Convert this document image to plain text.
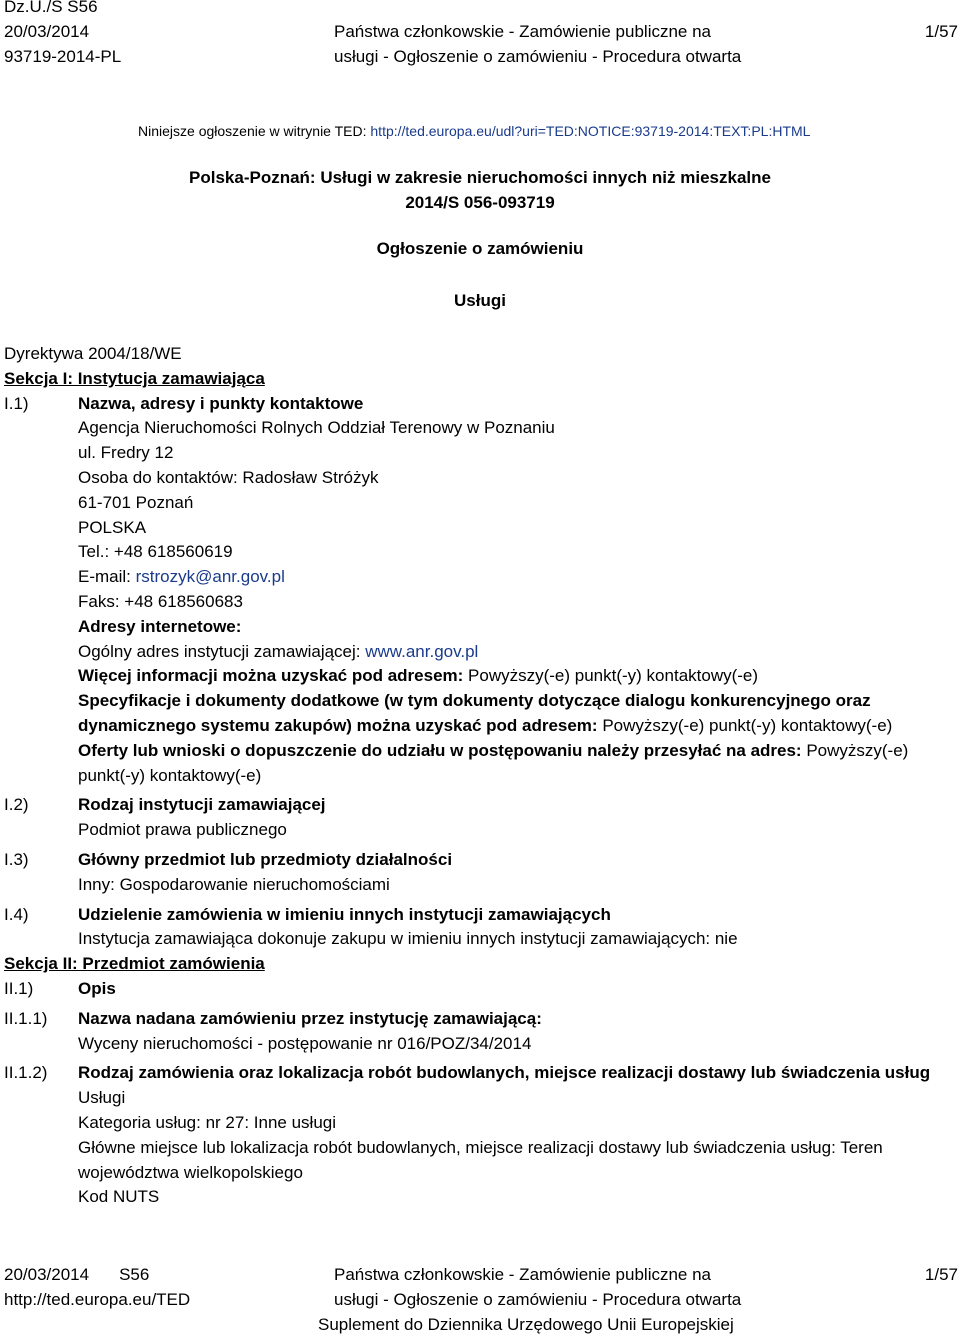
Dz.U./S S56
20/03/2014
93719-2014-PL
Państwa członkowskie - Zamówienie publiczne na
usługi - Ogłoszenie o zamówieniu - Procedura otwarta
1/57
Niniejsze ogłoszenie w witrynie TED: http://ted.europa.eu/udl?uri=TED:NOTICE:93719-2014:TEXT:PL:HTML
Polska-Poznań: Usługi w zakresie nieruchomości innych niż mieszkalne
2014/S 056-093719
Ogłoszenie o zamówieniu
Usługi
Dyrektywa 2004/18/WE
Sekcja I: Instytucja zamawiająca
I.1)	Nazwa, adresy i punkty kontaktowe
Agencja Nieruchomości Rolnych Oddział Terenowy w Poznaniu
ul. Fredry 12
Osoba do kontaktów: Radosław Stróżyk
61-701 Poznań
POLSKA
Tel.: +48 618560619
E-mail: rstrozyk@anr.gov.pl
Faks: +48 618560683
Adresy internetowe:
Ogólny adres instytucji zamawiającej: www.anr.gov.pl
Więcej informacji można uzyskać pod adresem: Powyższy(-e) punkt(-y) kontaktowy(-e)
Specyfikacje i dokumenty dodatkowe (w tym dokumenty dotyczące dialogu konkurencyjnego oraz dynamicznego systemu zakupów) można uzyskać pod adresem: Powyższy(-e) punkt(-y) kontaktowy(-e)
Oferty lub wnioski o dopuszczenie do udziału w postępowaniu należy przesyłać na adres: Powyższy(-e) punkt(-y) kontaktowy(-e)
I.2)	Rodzaj instytucji zamawiającej
Podmiot prawa publicznego
I.3)	Główny przedmiot lub przedmioty działalności
Inny: Gospodarowanie nieruchomościami
I.4)	Udzielenie zamówienia w imieniu innych instytucji zamawiających
Instytucja zamawiająca dokonuje zakupu w imieniu innych instytucji zamawiających: nie
Sekcja II: Przedmiot zamówienia
II.1)	Opis
II.1.1)	Nazwa nadana zamówieniu przez instytucję zamawiającą:
Wyceny nieruchomości - postępowanie nr 016/POZ/34/2014
II.1.2)	Rodzaj zamówienia oraz lokalizacja robót budowlanych, miejsce realizacji dostawy lub świadczenia usług
Usługi
Kategoria usług: nr 27: Inne usługi
Główne miejsce lub lokalizacja robót budowlanych, miejsce realizacji dostawy lub świadczenia usług: Teren województwa wielkopolskiego
Kod NUTS
20/03/2014 S56
http://ted.europa.eu/TED
Państwa członkowskie - Zamówienie publiczne na
usługi - Ogłoszenie o zamówieniu - Procedura otwarta
Suplement do Dziennika Urzędowego Unii Europejskiej
1/57
